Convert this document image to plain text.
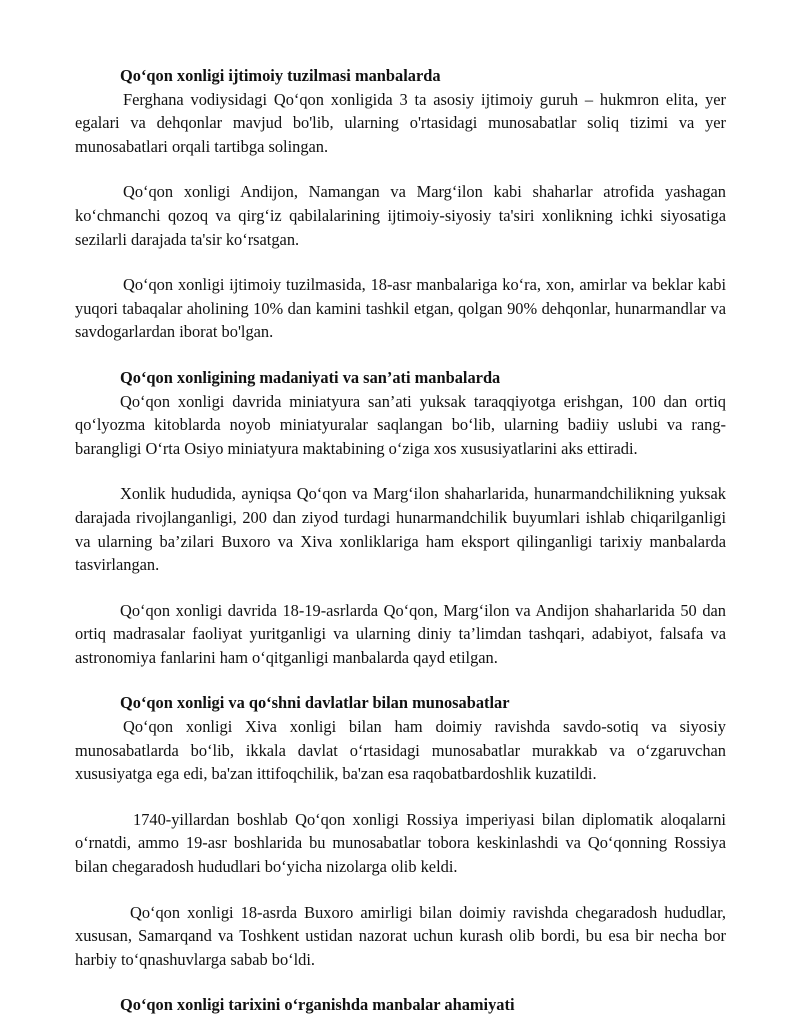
Qo‘qon xonligi ijtimoiy tuzilmasi manbalarda

Ferghana vodiysidagi Qo‘qon xonligida 3 ta asosiy ijtimoiy guruh – hukmron elita, yer egalari va dehqonlar mavjud bo'lib, ularning o'rtasidagi munosabatlar soliq tizimi va yer munosabatlari orqali tartibga solingan.

Qo‘qon xonligi Andijon, Namangan va Marg‘ilon kabi shaharlar atrofida yashagan ko‘chmanchi qozoq va qirg‘iz qabilalarining ijtimoiy-siyosiy ta'siri xonlikning ichki siyosatiga sezilarli darajada ta'sir ko‘rsatgan.

Qo‘qon xonligi ijtimoiy tuzilmasida, 18-asr manbalariga ko‘ra, xon, amirlar va beklar kabi yuqori tabaqalar aholining 10% dan kamini tashkil etgan, qolgan 90% dehqonlar, hunarmandlar va savdogarlardan iborat bo'lgan.

Qo‘qon xonligining madaniyati va san’ati manbalarda

Qo‘qon xonligi davrida miniatyura san’ati yuksak taraqqiyotga erishgan, 100 dan ortiq qo‘lyozma kitoblarda noyob miniatyuralar saqlangan bo‘lib, ularning badiiy uslubi va rang-barangligi O‘rta Osiyo miniatyura maktabining o‘ziga xos xususiyatlarini aks ettiradi.

Xonlik hududida, ayniqsa Qo‘qon va Marg‘ilon shaharlarida, hunarmandchilikning yuksak darajada rivojlanganligi, 200 dan ziyod turdagi hunarmandchilik buyumlari ishlab chiqarilganligi va ularning ba’zilari Buxoro va Xiva xonliklariga ham eksport qilinganligi tarixiy manbalarda tasvirlangan.

Qo‘qon xonligi davrida 18-19-asrlarda Qo‘qon, Marg‘ilon va Andijon shaharlarida 50 dan ortiq madrasalar faoliyat yuritganligi va ularning diniy ta’limdan tashqari, adabiyot, falsafa va astronomiya fanlarini ham o‘qitganligi manbalarda qayd etilgan.

Qo‘qon xonligi va qo‘shni davlatlar bilan munosabatlar

Qo‘qon xonligi Xiva xonligi bilan ham doimiy ravishda savdo-sotiq va siyosiy munosabatlarda bo‘lib, ikkala davlat o‘rtasidagi munosabatlar murakkab va o‘zgaruvchan xususiyatga ega edi, ba'zan ittifoqchilik, ba'zan esa raqobatbardoshlik kuzatildi.

1740-yillardan boshlab Qo‘qon xonligi Rossiya imperiyasi bilan diplomatik aloqalarni o‘rnatdi, ammo 19-asr boshlarida bu munosabatlar tobora keskinlashdi va Qo‘qonning Rossiya bilan chegaradosh hududlari bo‘yicha nizolarga olib keldi.

Qo‘qon xonligi 18-asrda Buxoro amirligi bilan doimiy ravishda chegaradosh hududlar, xususan, Samarqand va Toshkent ustidan nazorat uchun kurash olib bordi, bu esa bir necha bor harbiy to‘qnashuvlarga sabab bo‘ldi.

Qo‘qon xonligi tarixini o‘rganishda manbalar ahamiyati
